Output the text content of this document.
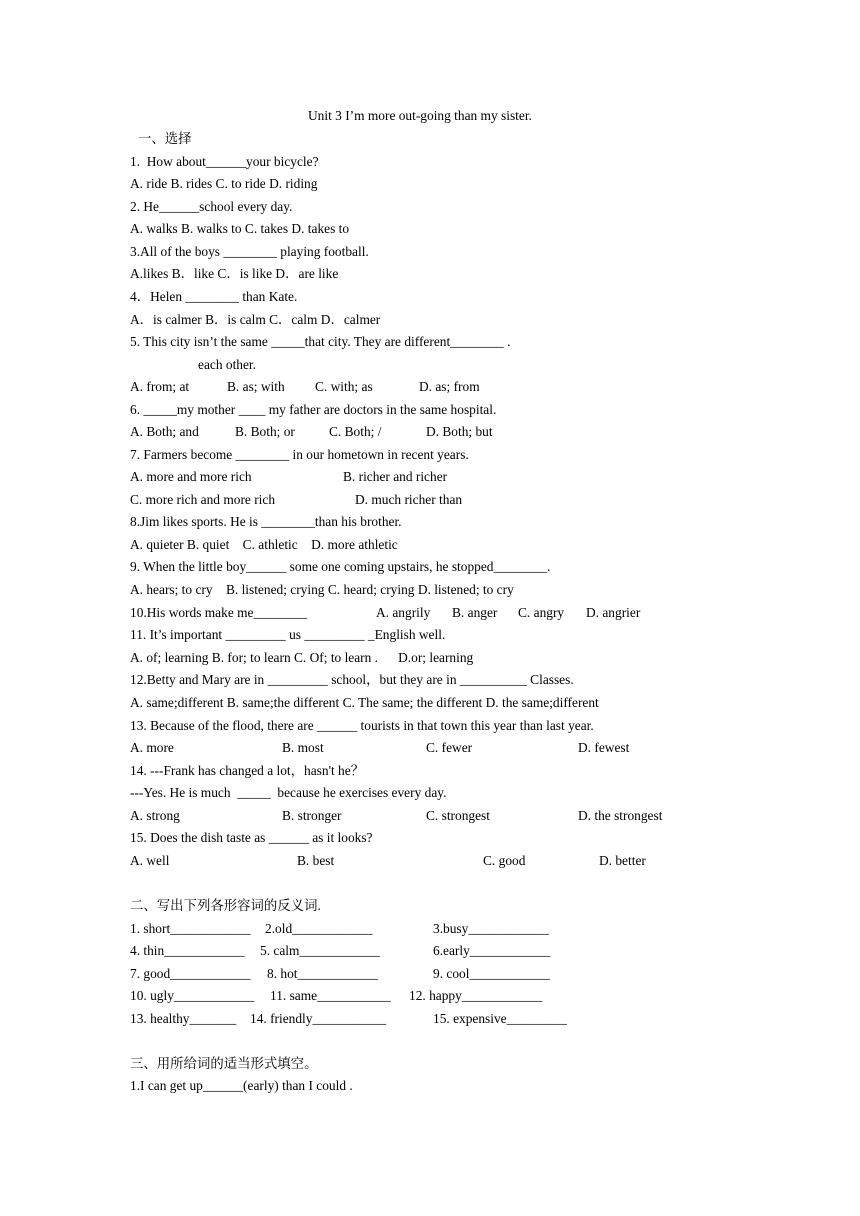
Unit 3 I’m more out-going than my sister.
一、选择
1.  How about______your bicycle?
A. ride B. rides C. to ride D. riding
2. He______school every day.
A. walks B. walks to C. takes D. takes to
3.All of the boys ________ playing football.
A.likes B．like C．is like D．are like
4．Helen ________ than Kate.
A．is calmer B．is calm C．calm D．calmer
5. This city isn’t the same _____that city. They are different________ .
each other.

A. from; at

	B. as; with

C. with; as

	D. as; from

6. _____my mother ____ my father are doctors in the same hospital.

A. Both; and

	B. Both; or

	C. Both; /

	D. Both; but

7. Farmers become ________ in our hometown in recent years.

A. more and more rich

	B. richer and richer

C. more rich and more rich

	D. much richer than

8.Jim likes sports. He is ________than his brother.
A. quieter B. quiet    C. athletic    D. more athletic
9. When the little boy______ some one coming upstairs, he stopped________.
A. hears; to cry    B. listened; crying C. heard; crying D. listened; to cry

10.His words make me________

	A. angrily

B. anger

C. angry

D. angrier

11. It’s important _________ us _________ _English well.
A. of; learning B. for; to learn C. Of; to learn .      D.or; learning
12.Betty and Mary are in _________ school，but they are in __________ Classes.
A. same;different B. same;the different C. The same; the different D. the same;different
13. Because of the flood, there are ______ tourists in that town this year than last year.

A. more

	B. most

	C. fewer

	D. fewest

14. ---Frank has changed a lot，hasn't he？
---Yes. He is much  _____  because he exercises every day.

A. strong

	B. stronger

	C. strongest

	D. the strongest

15. Does the dish taste as ______ as it looks?

A. well

	B. best

	C. good

	D. better

二、写出下列各形容词的反义词.

1. short____________

2.old____________

	3.busy____________

4. thin____________

5. calm____________

	6.early____________

7. good____________

8. hot____________

	9. cool____________

10. ugly____________

11. same___________

12. happy____________

13. healthy_______

14. friendly___________

	15. expensive_________

三、用所给词的适当形式填空。
1.I can get up______(early) than I could .
